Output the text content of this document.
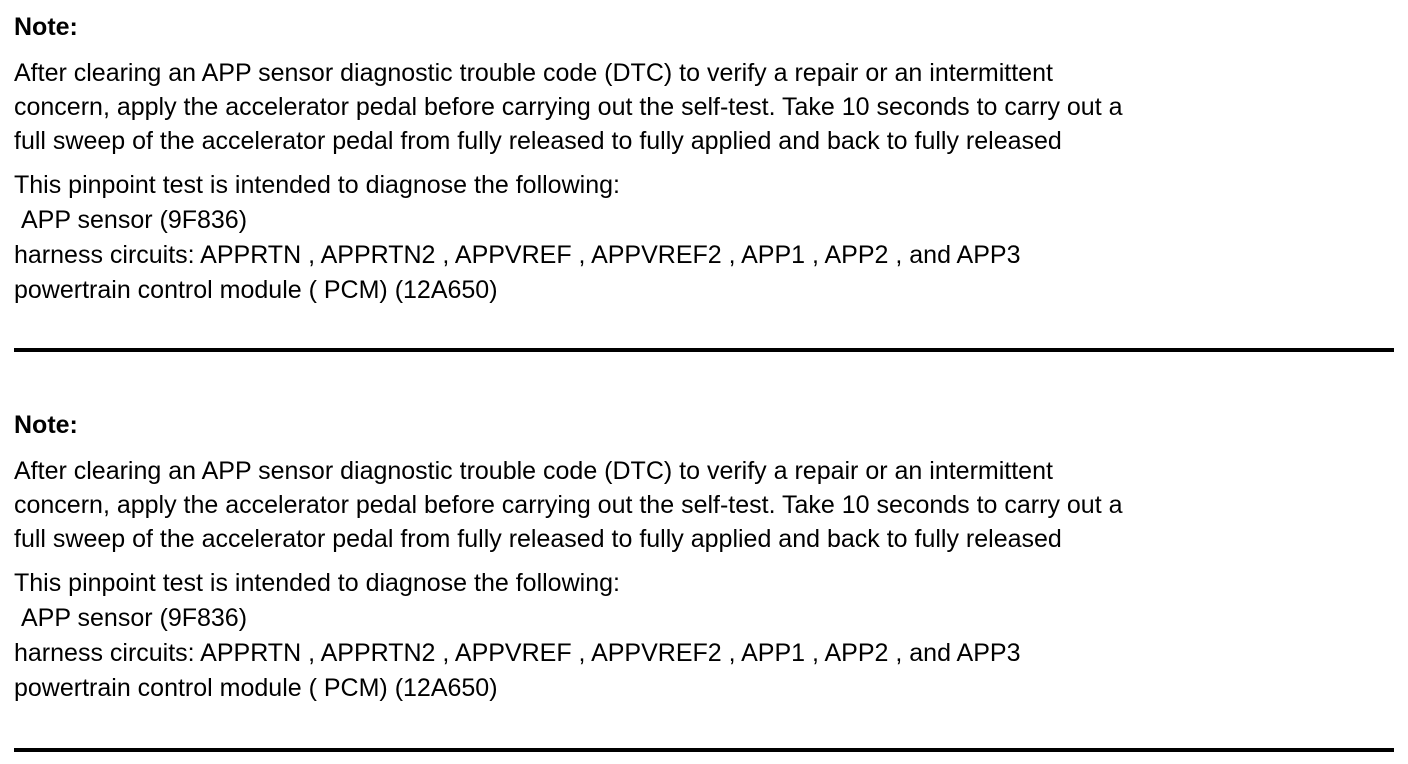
Note:
After clearing an APP sensor diagnostic trouble code (DTC) to verify a repair or an intermittent
concern, apply the accelerator pedal before carrying out the self-test. Take 10 seconds to carry out a
full sweep of the accelerator pedal from fully released to fully applied and back to fully released
This pinpoint test is intended to diagnose the following:
APP sensor (9F836)
harness circuits: APPRTN , APPRTN2 , APPVREF , APPVREF2 , APP1 , APP2 , and APP3
powertrain control module ( PCM) (12A650)
Note:
After clearing an APP sensor diagnostic trouble code (DTC) to verify a repair or an intermittent
concern, apply the accelerator pedal before carrying out the self-test. Take 10 seconds to carry out a
full sweep of the accelerator pedal from fully released to fully applied and back to fully released
This pinpoint test is intended to diagnose the following:
APP sensor (9F836)
harness circuits: APPRTN , APPRTN2 , APPVREF , APPVREF2 , APP1 , APP2 , and APP3
powertrain control module ( PCM) (12A650)
